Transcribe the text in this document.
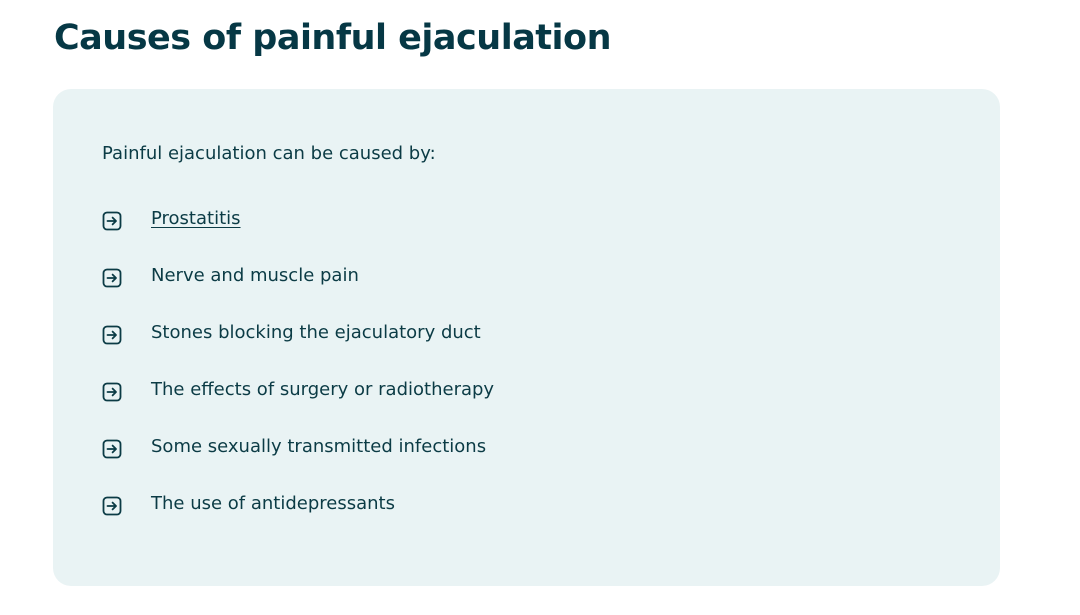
Causes of painful ejaculation

Painful ejaculation can be caused by:

Prostatitis
Nerve and muscle pain
Stones blocking the ejaculatory duct
The effects of surgery or radiotherapy
Some sexually transmitted infections
The use of antidepressants
